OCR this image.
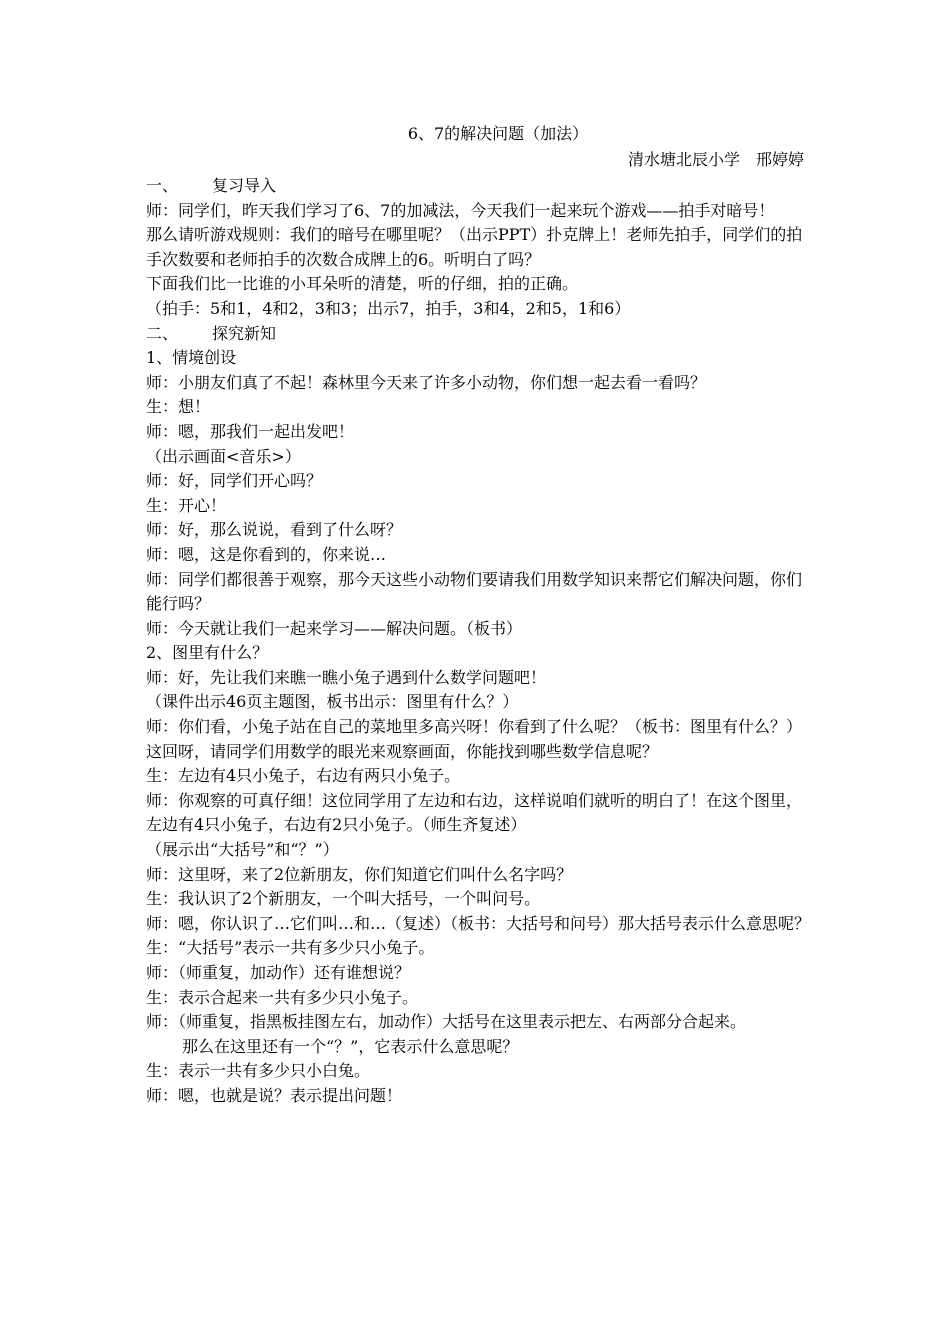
6、7的解决问题（加法）

清水塘北辰小学　邢婷婷

一、 复习导入

师：同学们，昨天我们学习了6、7的加减法，今天我们一起来玩个游戏——拍手对暗号！

那么请听游戏规则：我们的暗号在哪里呢？（出示PPT）扑克牌上！老师先拍手，同学们的拍手次数要和老师拍手的次数合成牌上的6。听明白了吗？

下面我们比一比谁的小耳朵听的清楚，听的仔细，拍的正确。

（拍手：5和1，4和2，3和3；出示7，拍手，3和4，2和5，1和6）

二、 探究新知

1、情境创设

师：小朋友们真了不起！森林里今天来了许多小动物，你们想一起去看一看吗？

生：想！

师：嗯，那我们一起出发吧！

（出示画面<音乐>）

师：好，同学们开心吗？

生：开心！

师：好，那么说说，看到了什么呀？

师：嗯，这是你看到的，你来说…

师：同学们都很善于观察，那今天这些小动物们要请我们用数学知识来帮它们解决问题，你们能行吗？

师：今天就让我们一起来学习——解决问题。（板书）

2、图里有什么？

师：好，先让我们来瞧一瞧小兔子遇到什么数学问题吧！

（课件出示46页主题图，板书出示：图里有什么？）

师：你们看，小兔子站在自己的菜地里多高兴呀！你看到了什么呢？（板书：图里有什么？）这回呀，请同学们用数学的眼光来观察画面，你能找到哪些数学信息呢？

生：左边有4只小兔子，右边有两只小兔子。

师：你观察的可真仔细！这位同学用了左边和右边，这样说咱们就听的明白了！在这个图里，左边有4只小兔子，右边有2只小兔子。（师生齐复述）

（展示出“大括号”和“？”）

师：这里呀，来了2位新朋友，你们知道它们叫什么名字吗？

生：我认识了2个新朋友，一个叫大括号，一个叫问号。

师：嗯，你认识了…它们叫…和…（复述）（板书：大括号和问号）那大括号表示什么意思呢？

生：“大括号”表示一共有多少只小兔子。

师：（师重复，加动作）还有谁想说？

生：表示合起来一共有多少只小兔子。

师：（师重复，指黑板挂图左右，加动作）大括号在这里表示把左、右两部分合起来。

那么在这里还有一个“？”，它表示什么意思呢？

生：表示一共有多少只小白兔。

师：嗯，也就是说？表示提出问题！
